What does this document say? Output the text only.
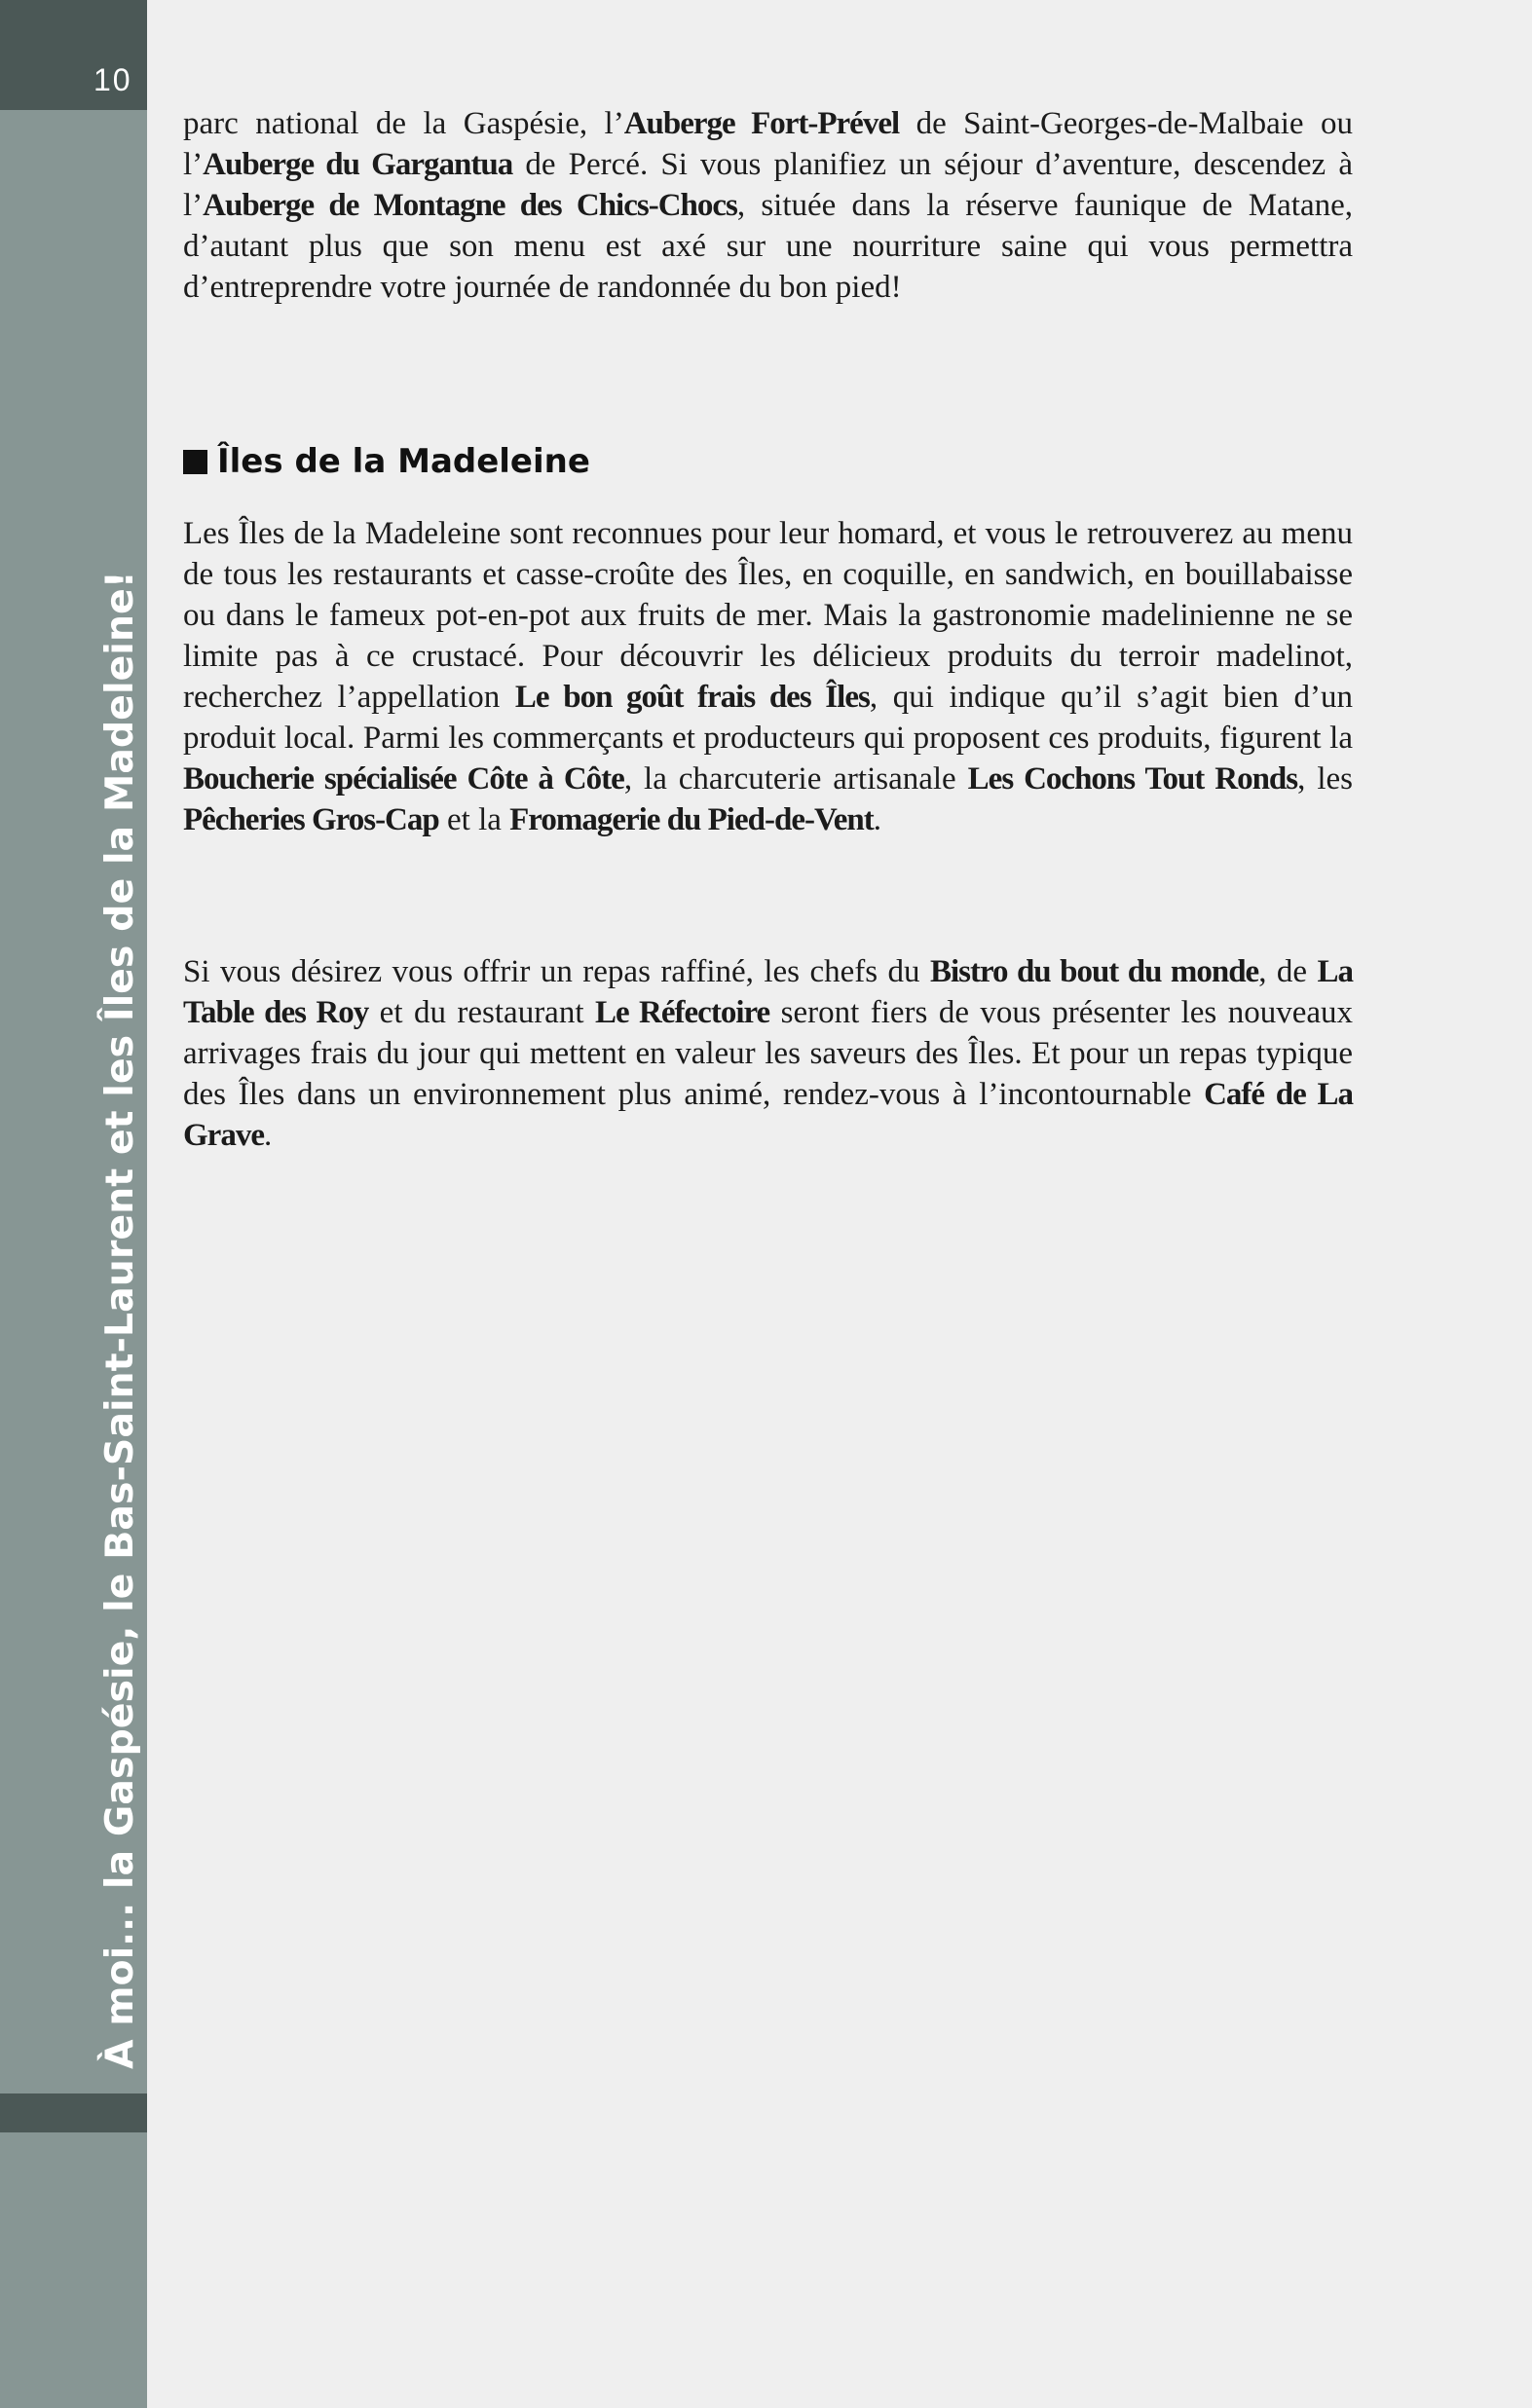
10
À moi... la Gaspésie, le Bas-Saint-Laurent et les Îles de la Madeleine!

parc national de la Gaspésie, l’Auberge Fort-Prével de Saint-Georges-de-Malbaie ou l’Auberge du Gargantua de Percé. Si vous planifiez un séjour d’aventure, descendez à l’Auberge de Montagne des Chics-Chocs, située dans la réserve faunique de Matane, d’autant plus que son menu est axé sur une nourriture saine qui vous permettra d’entreprendre votre journée de randonnée du bon pied!

Îles de la Madeleine

Les Îles de la Madeleine sont reconnues pour leur homard, et vous le retrouverez au menu de tous les restaurants et casse-croûte des Îles, en coquille, en sandwich, en bouillabaisse ou dans le fameux pot-en-pot aux fruits de mer. Mais la gastronomie madelinienne ne se limite pas à ce crustacé. Pour découvrir les délicieux produits du terroir madelinot, recherchez l’appellation Le bon goût frais des Îles, qui indique qu’il s’agit bien d’un produit local. Parmi les commerçants et producteurs qui proposent ces produits, figurent la Boucherie spécialisée Côte à Côte, la charcuterie artisanale Les Cochons Tout Ronds, les Pêcheries Gros-Cap et la Fromagerie du Pied-de-Vent.

Si vous désirez vous offrir un repas raffiné, les chefs du Bistro du bout du monde, de La Table des Roy et du restaurant Le Réfectoire seront fiers de vous présenter les nouveaux arrivages frais du jour qui mettent en valeur les saveurs des Îles. Et pour un repas typique des Îles dans un environnement plus animé, rendez-vous à l’incontournable Café de La Grave.
